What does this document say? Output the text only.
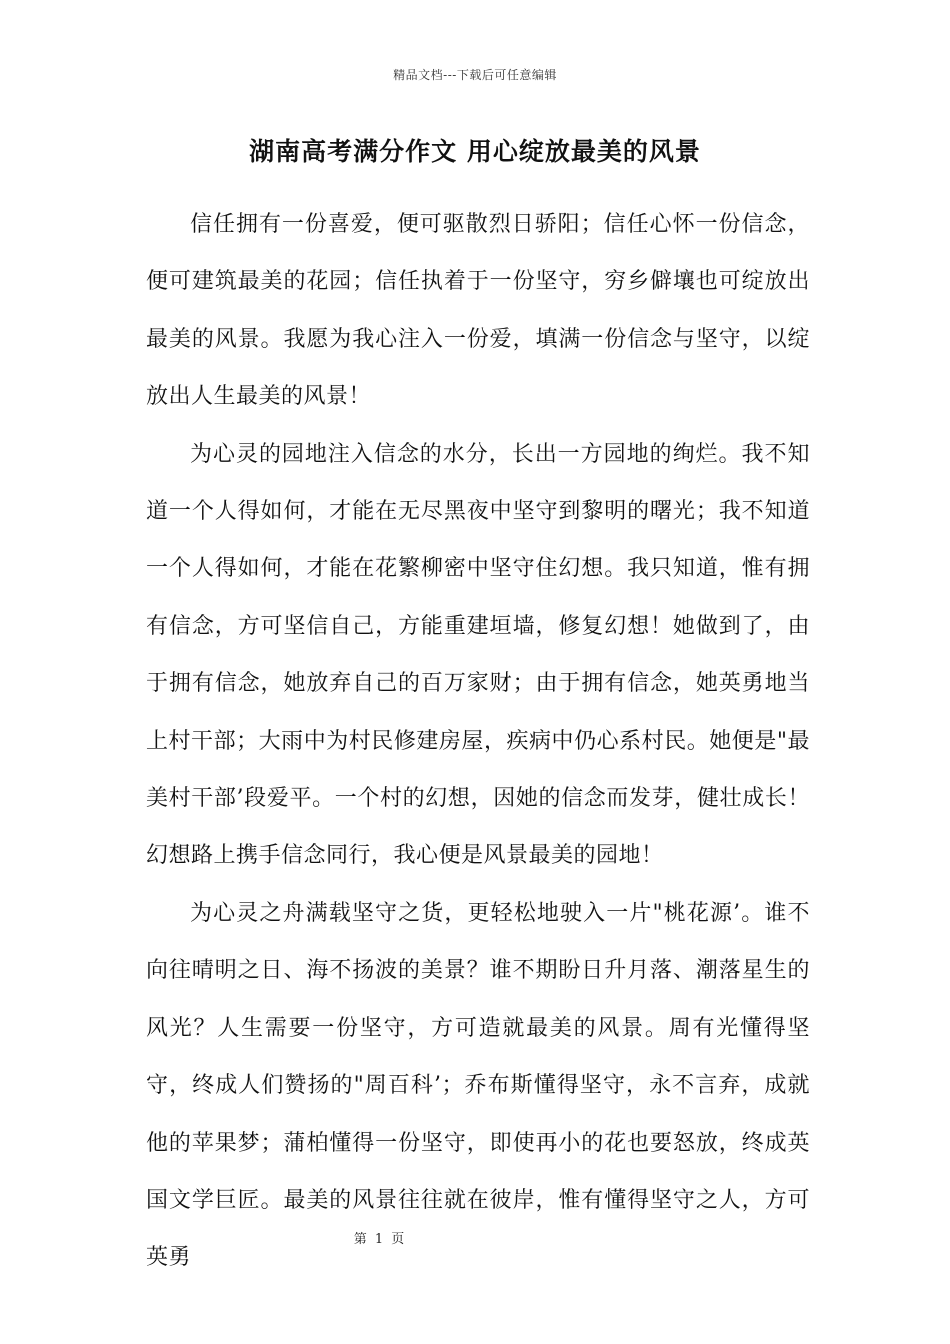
精品文档---下载后可任意编辑
湖南高考满分作文 用心绽放最美的风景

信任拥有一份喜爱，便可驱散烈日骄阳；信任心怀一份信念，便可建筑最美的花园；信任执着于一份坚守，穷乡僻壤也可绽放出最美的风景。我愿为我心注入一份爱，填满一份信念与坚守，以绽放出人生最美的风景！

为心灵的园地注入信念的水分，长出一方园地的绚烂。我不知道一个人得如何，才能在无尽黑夜中坚守到黎明的曙光；我不知道一个人得如何，才能在花繁柳密中坚守住幻想。我只知道，惟有拥有信念，方可坚信自己，方能重建垣墙，修复幻想！她做到了，由于拥有信念，她放弃自己的百万家财；由于拥有信念，她英勇地当上村干部；大雨中为村民修建房屋，疾病中仍心系村民。她便是"最美村干部’段爱平。一个村的幻想，因她的信念而发芽，健壮成长！幻想路上携手信念同行，我心便是风景最美的园地！

为心灵之舟满载坚守之货，更轻松地驶入一片"桃花源’。谁不向往晴明之日、海不扬波的美景？谁不期盼日升月落、潮落星生的风光？人生需要一份坚守，方可造就最美的风景。周有光懂得坚守，终成人们赞扬的"周百科’；乔布斯懂得坚守，永不言弃，成就他的苹果梦；蒲柏懂得一份坚守，即使再小的花也要怒放，终成英国文学巨匠。最美的风景往往就在彼岸，惟有懂得坚守之人，方可英勇

第 1 页
